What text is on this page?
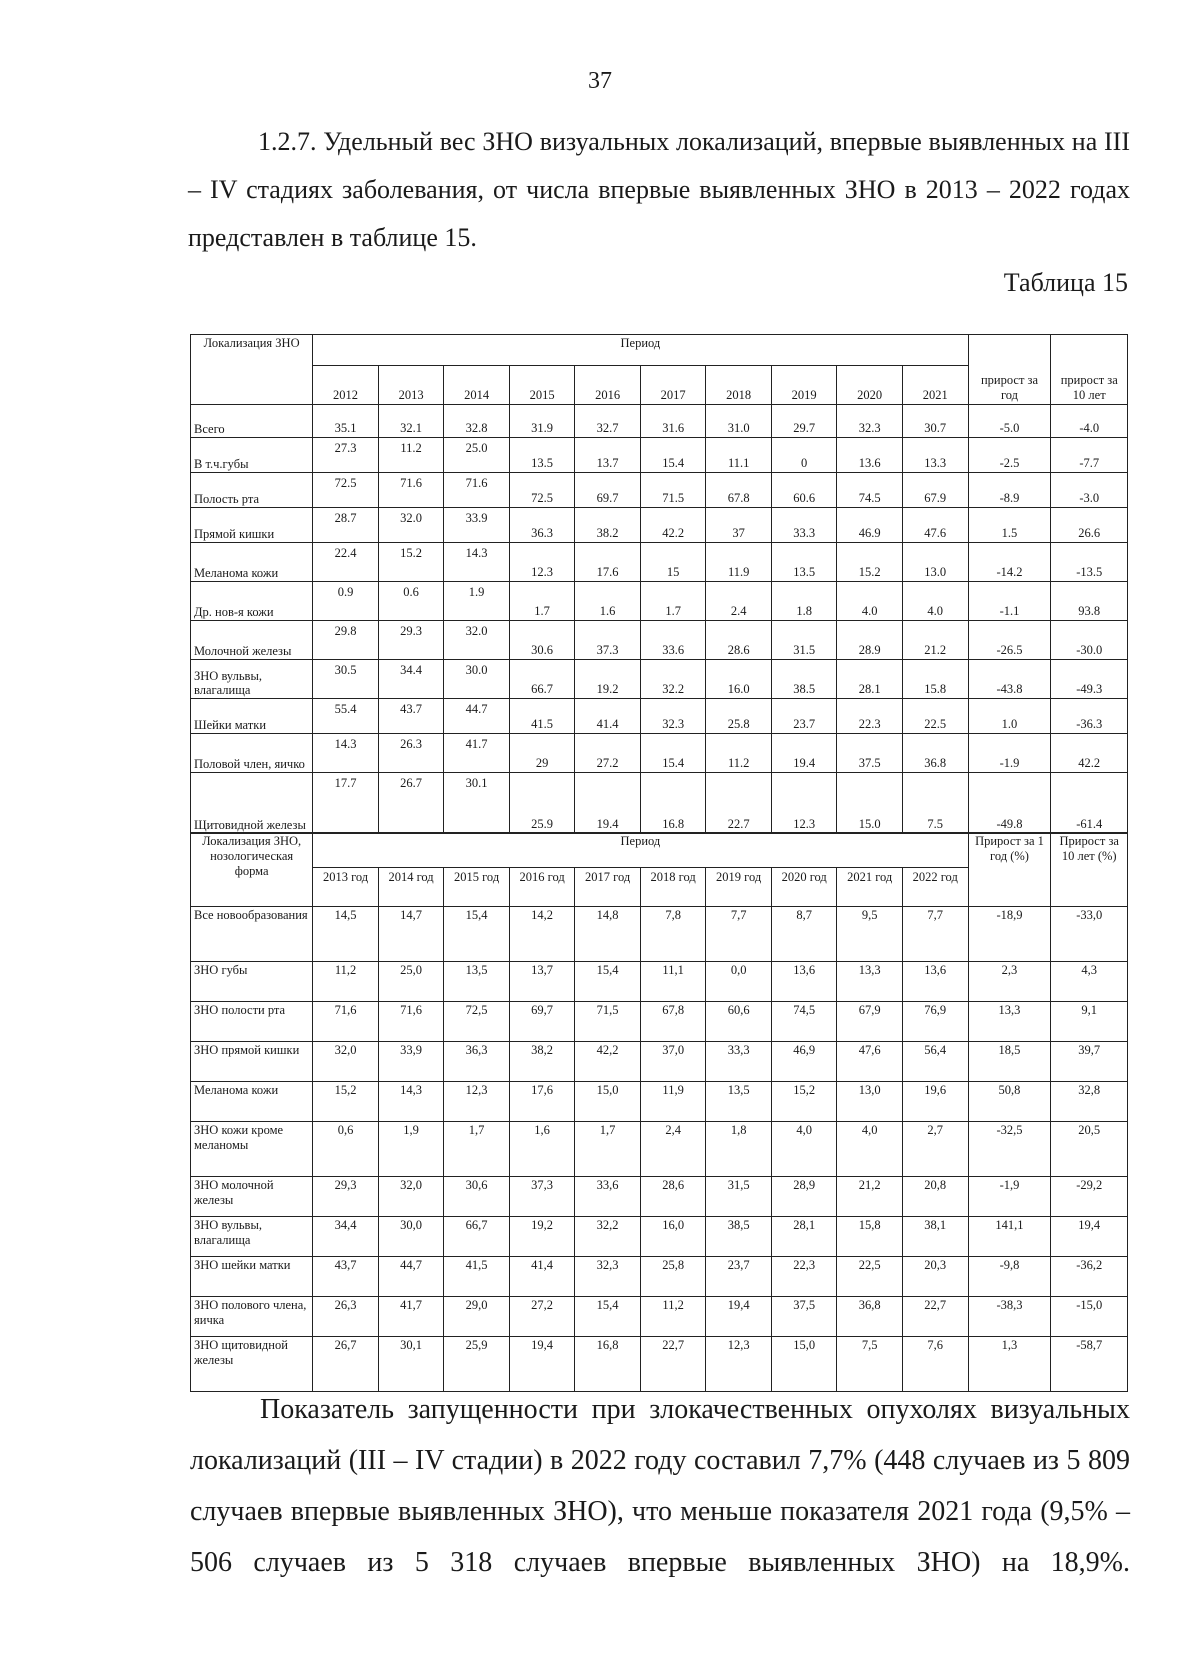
37

1.2.7. Удельный вес ЗНО визуальных локализаций, впервые выявленных на III – IV стадиях заболевания, от числа впервые выявленных ЗНО в 2013 – 2022 годах представлен в таблице 15.

Таблица 15
Локализация ЗНО	Период										прирост за год	прирост за 10 лет
	2012	2013	2014	2015	2016	2017	2018	2019	2020	2021		
Всего	35.1	32.1	32.8	31.9	32.7	31.6	31.0	29.7	32.3	30.7	-5.0	-4.0
В т.ч.губы	27.3	11.2	25.0	13.5	13.7	15.4	11.1	0	13.6	13.3	-2.5	-7.7
Полость рта	72.5	71.6	71.6	72.5	69.7	71.5	67.8	60.6	74.5	67.9	-8.9	-3.0
Прямой кишки	28.7	32.0	33.9	36.3	38.2	42.2	37	33.3	46.9	47.6	1.5	26.6
Меланома кожи	22.4	15.2	14.3	12.3	17.6	15	11.9	13.5	15.2	13.0	-14.2	-13.5
Др. нов-я кожи	0.9	0.6	1.9	1.7	1.6	1.7	2.4	1.8	4.0	4.0	-1.1	93.8
Молочной железы	29.8	29.3	32.0	30.6	37.3	33.6	28.6	31.5	28.9	21.2	-26.5	-30.0
ЗНО вульвы, влагалища	30.5	34.4	30.0	66.7	19.2	32.2	16.0	38.5	28.1	15.8	-43.8	-49.3
Шейки матки	55.4	43.7	44.7	41.5	41.4	32.3	25.8	23.7	22.3	22.5	1.0	-36.3
Половой член, яичко	14.3	26.3	41.7	29	27.2	15.4	11.2	19.4	37.5	36.8	-1.9	42.2
Щитовидной железы	17.7	26.7	30.1	25.9	19.4	16.8	22.7	12.3	15.0	7.5	-49.8	-61.4
Локализация ЗНО, нозологическая форма	Период										Прирост за 1 год (%)	Прирост за 10 лет (%)
	2013 год	2014 год	2015 год	2016 год	2017 год	2018 год	2019 год	2020 год	2021 год	2022 год		
Все новообразования	14,5	14,7	15,4	14,2	14,8	7,8	7,7	8,7	9,5	7,7	-18,9	-33,0
ЗНО губы	11,2	25,0	13,5	13,7	15,4	11,1	0,0	13,6	13,3	13,6	2,3	4,3
ЗНО полости рта	71,6	71,6	72,5	69,7	71,5	67,8	60,6	74,5	67,9	76,9	13,3	9,1
ЗНО прямой кишки	32,0	33,9	36,3	38,2	42,2	37,0	33,3	46,9	47,6	56,4	18,5	39,7
Меланома кожи	15,2	14,3	12,3	17,6	15,0	11,9	13,5	15,2	13,0	19,6	50,8	32,8
ЗНО кожи кроме меланомы	0,6	1,9	1,7	1,6	1,7	2,4	1,8	4,0	4,0	2,7	-32,5	20,5
ЗНО молочной железы	29,3	32,0	30,6	37,3	33,6	28,6	31,5	28,9	21,2	20,8	-1,9	-29,2
ЗНО вульвы, влагалища	34,4	30,0	66,7	19,2	32,2	16,0	38,5	28,1	15,8	38,1	141,1	19,4
ЗНО шейки матки	43,7	44,7	41,5	41,4	32,3	25,8	23,7	22,3	22,5	20,3	-9,8	-36,2
ЗНО полового члена, яичка	26,3	41,7	29,0	27,2	15,4	11,2	19,4	37,5	36,8	22,7	-38,3	-15,0
ЗНО щитовидной железы	26,7	30,1	25,9	19,4	16,8	22,7	12,3	15,0	7,5	7,6	1,3	-58,7

Показатель запущенности при злокачественных опухолях визуальных локализаций (III – IV стадии) в 2022 году составил 7,7% (448 случаев из 5 809 случаев впервые выявленных ЗНО), что меньше показателя 2021 года (9,5% – 506 случаев из 5 318 случаев впервые выявленных ЗНО) на 18,9%.
